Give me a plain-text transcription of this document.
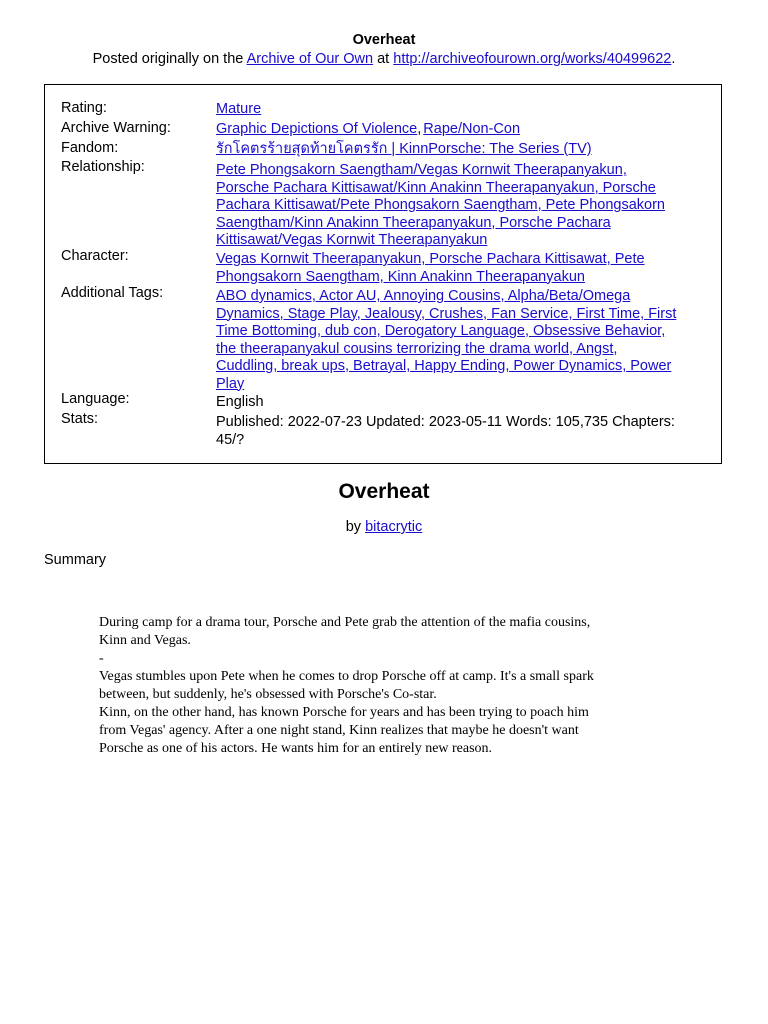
Overheat
Posted originally on the Archive of Our Own at http://archiveofourown.org/works/40499622.
Rating:	Mature
Archive Warning:	Graphic Depictions Of Violence, Rape/Non-Con
Fandom:	รักโคตรร้ายสุดท้ายโคตรรัก | KinnPorsche: The Series (TV)
Relationship:	Pete Phongsakorn Saengtham/Vegas Kornwit Theerapanyakun,
Porsche Pachara Kittisawat/Kinn Anakinn Theerapanyakun, Porsche
Pachara Kittisawat/Pete Phongsakorn Saengtham, Pete Phongsakorn
Saengtham/Kinn Anakinn Theerapanyakun, Porsche Pachara
Kittisawat/Vegas Kornwit Theerapanyakun
Character:	Vegas Kornwit Theerapanyakun, Porsche Pachara Kittisawat, Pete
Phongsakorn Saengtham, Kinn Anakinn Theerapanyakun
Additional Tags:	ABO dynamics, Actor AU, Annoying Cousins, Alpha/Beta/Omega
Dynamics, Stage Play, Jealousy, Crushes, Fan Service, First Time, First
Time Bottoming, dub con, Derogatory Language, Obsessive Behavior,
the theerapanyakul cousins terrorizing the drama world, Angst,
Cuddling, break ups, Betrayal, Happy Ending, Power Dynamics, Power
Play
Language:	English
Stats:	Published: 2022-07-23 Updated: 2023-05-11 Words: 105,735 Chapters:
45/?
Overheat
by bitacrytic
Summary

During camp for a drama tour, Porsche and Pete grab the attention of the mafia cousins,

Kinn and Vegas.

-

Vegas stumbles upon Pete when he comes to drop Porsche off at camp. It's a small spark

between, but suddenly, he's obsessed with Porsche's Co-star.

Kinn, on the other hand, has known Porsche for years and has been trying to poach him

from Vegas' agency. After a one night stand, Kinn realizes that maybe he doesn't want

Porsche as one of his actors. He wants him for an entirely new reason.
